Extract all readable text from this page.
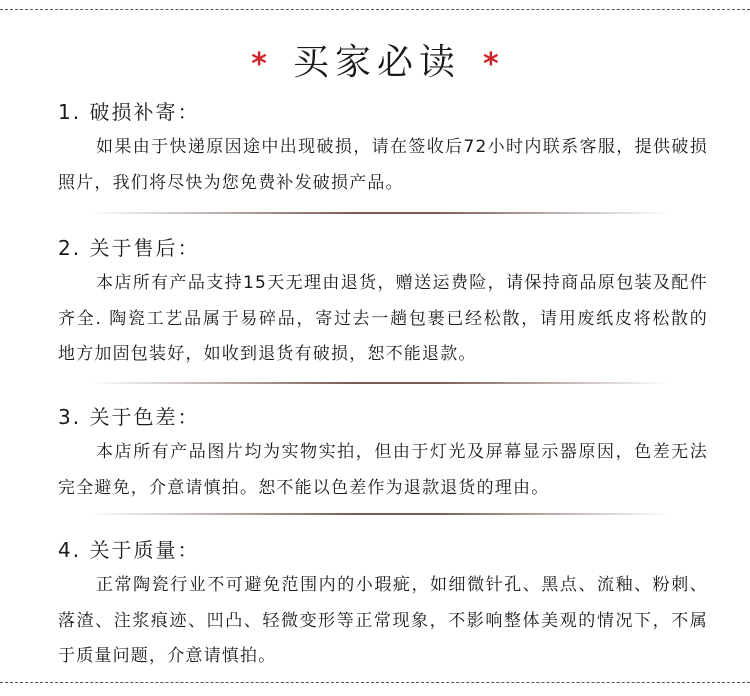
* 买家必读 *
1. 破损补寄：
如果由于快递原因途中出现破损，请在签收后72小时内联系客服，提供破损照片，我们将尽快为您免费补发破损产品。
2. 关于售后：
本店所有产品支持15天无理由退货，赠送运费险，请保持商品原包装及配件齐全. 陶瓷工艺品属于易碎品，寄过去一趟包裹已经松散，请用废纸皮将松散的地方加固包装好，如收到退货有破损，恕不能退款。
3. 关于色差：
本店所有产品图片均为实物实拍，但由于灯光及屏幕显示器原因，色差无法完全避免，介意请慎拍。恕不能以色差作为退款退货的理由。
4. 关于质量：
正常陶瓷行业不可避免范围内的小瑕疵，如细微针孔、黑点、流釉、粉刺、落渣、注浆痕迹、凹凸、轻微变形等正常现象，不影响整体美观的情况下，不属于质量问题，介意请慎拍。
